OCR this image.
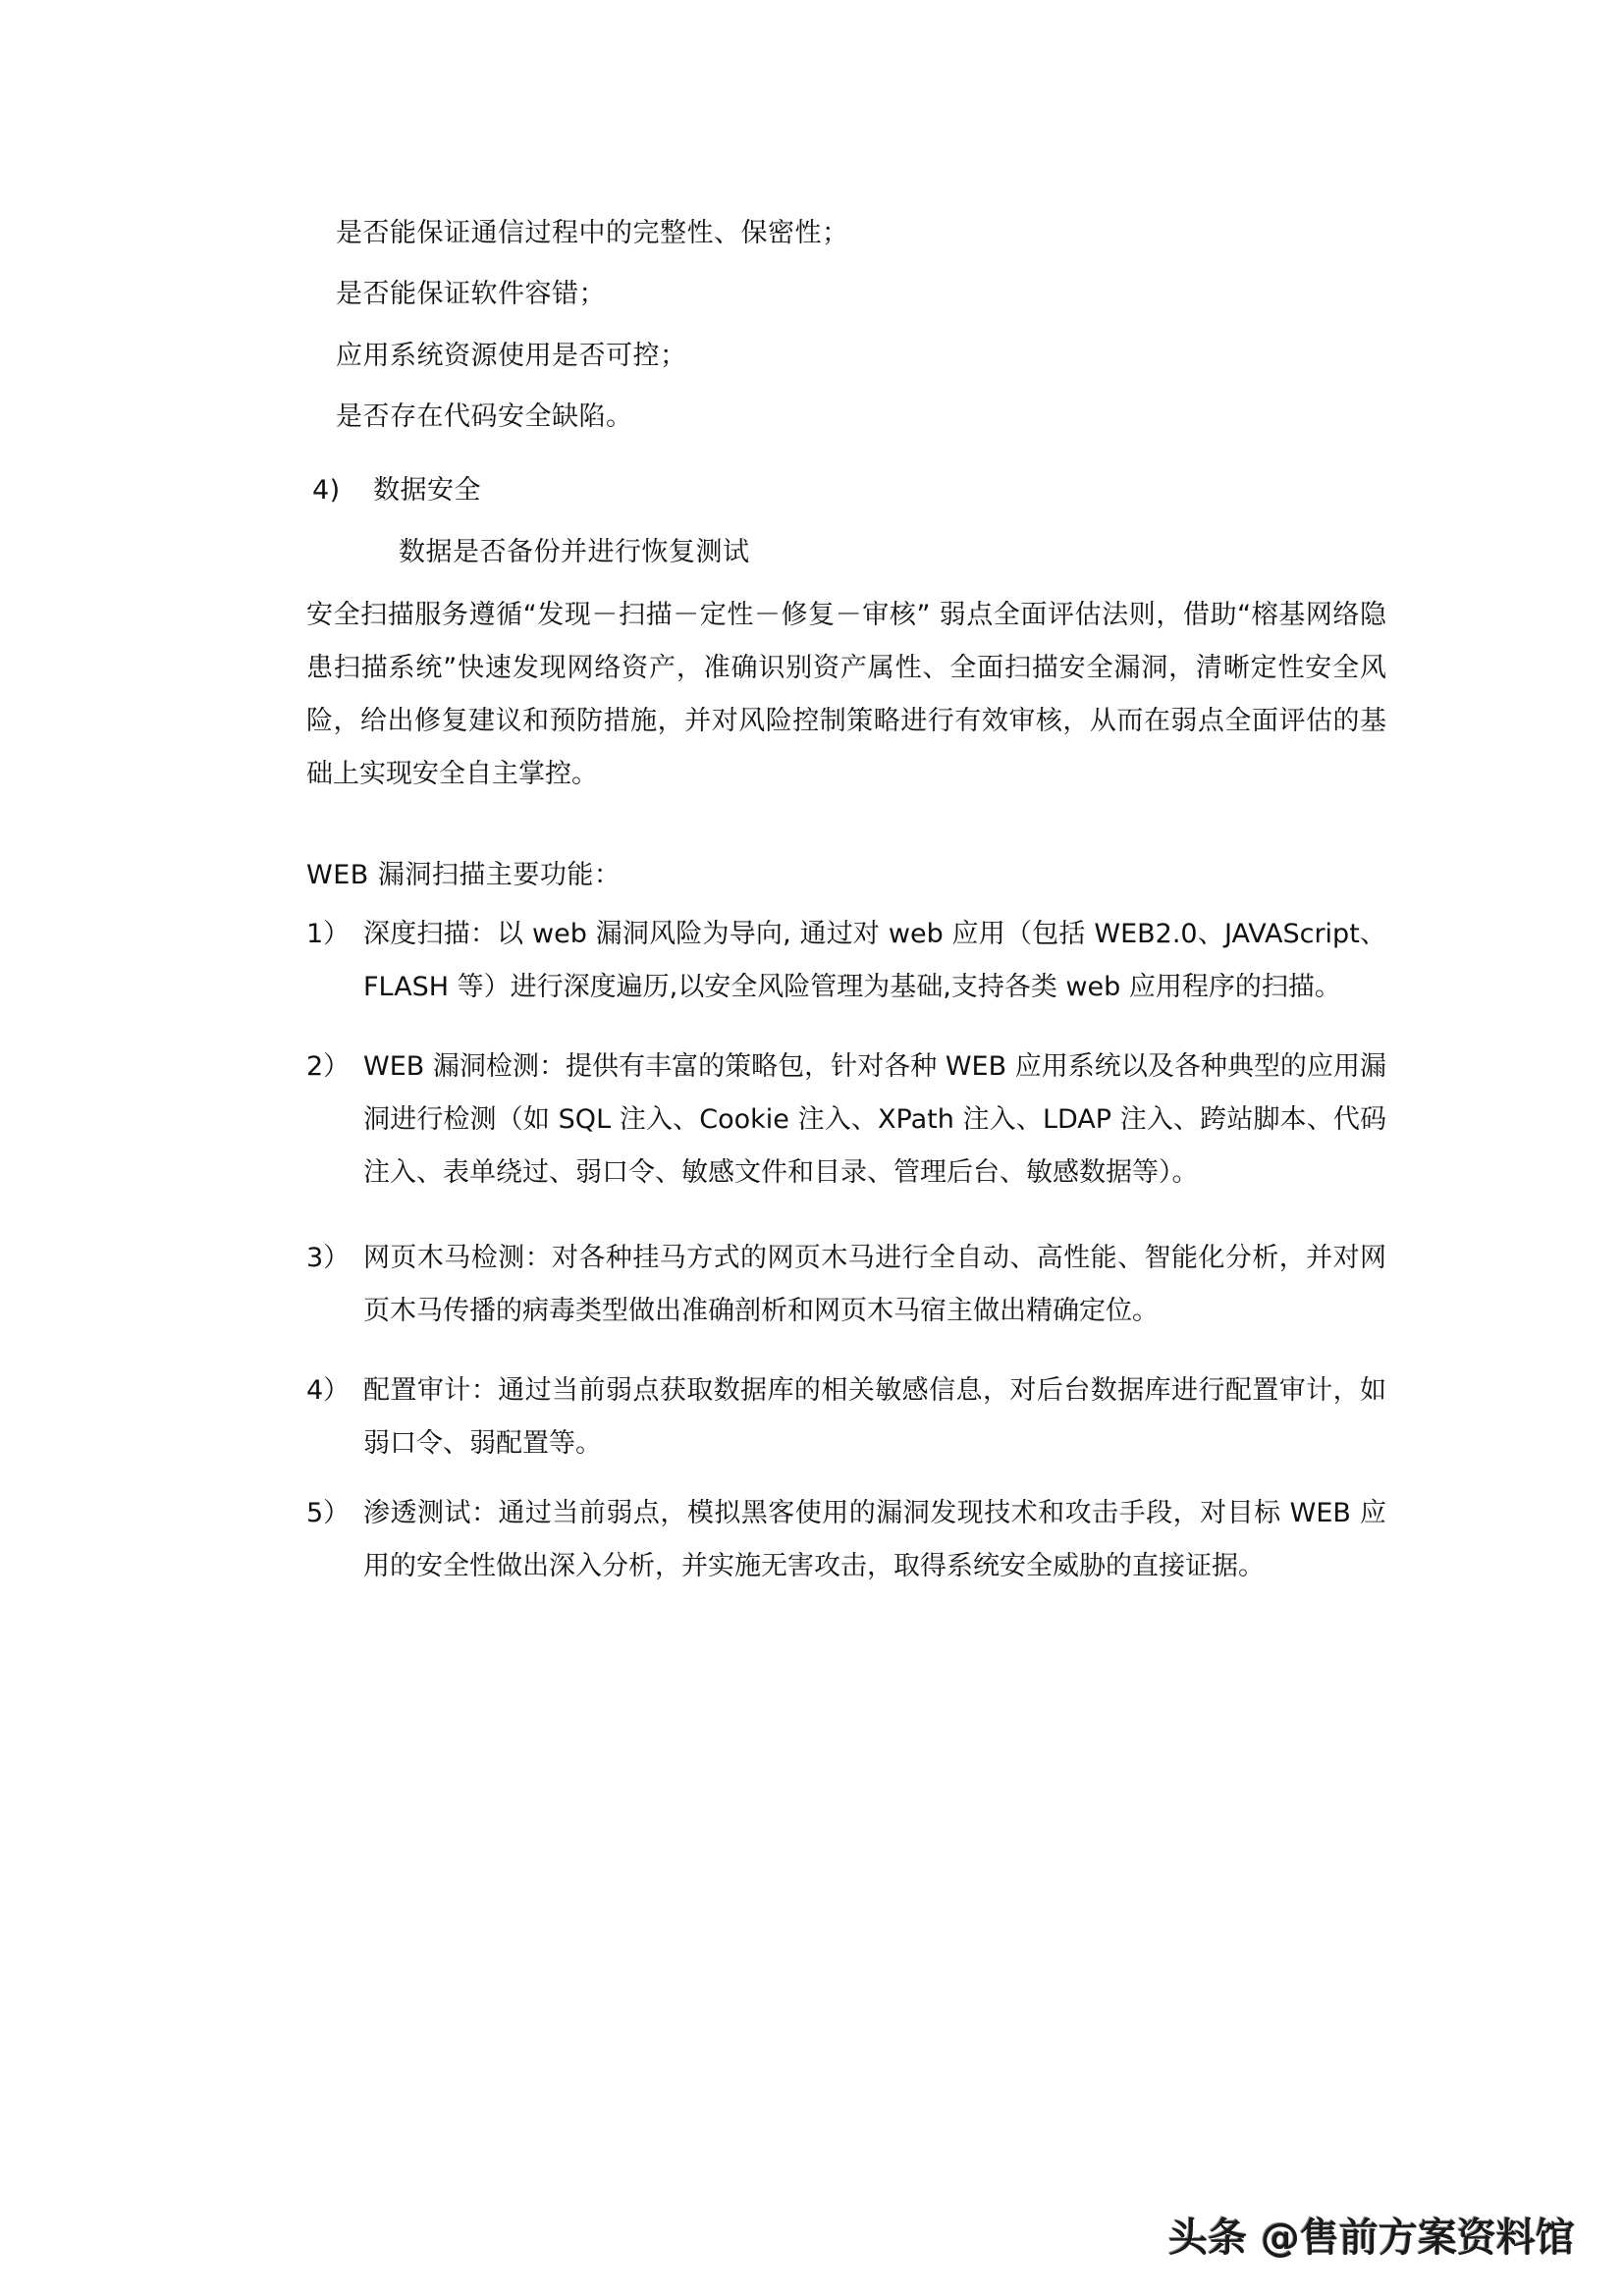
是否能保证通信过程中的完整性、保密性；
是否能保证软件容错；
应用系统资源使用是否可控；
是否存在代码安全缺陷。
4) 数据安全
数据是否备份并进行恢复测试
安全扫描服务遵循“发现－扫描－定性－修复－审核” 弱点全面评估法则，借助“榕基网络隐患扫描系统”快速发现网络资产，准确识别资产属性、全面扫描安全漏洞，清晰定性安全风险，给出修复建议和预防措施，并对风险控制策略进行有效审核，从而在弱点全面评估的基础上实现安全自主掌控。
WEB 漏洞扫描主要功能：
1） 深度扫描：以 web 漏洞风险为导向, 通过对 web 应用（包括 WEB2.0、JAVAScript、FLASH 等）进行深度遍历,以安全风险管理为基础,支持各类 web 应用程序的扫描。
2） WEB 漏洞检测：提供有丰富的策略包，针对各种 WEB 应用系统以及各种典型的应用漏洞进行检测（如 SQL 注入、Cookie 注入、XPath 注入、LDAP 注入、跨站脚本、代码注入、表单绕过、弱口令、敏感文件和目录、管理后台、敏感数据等）。
3） 网页木马检测：对各种挂马方式的网页木马进行全自动、高性能、智能化分析，并对网页木马传播的病毒类型做出准确剖析和网页木马宿主做出精确定位。
4） 配置审计：通过当前弱点获取数据库的相关敏感信息，对后台数据库进行配置审计，如弱口令、弱配置等。
5） 渗透测试：通过当前弱点，模拟黑客使用的漏洞发现技术和攻击手段，对目标 WEB 应用的安全性做出深入分析，并实施无害攻击，取得系统安全威胁的直接证据。
头条 @售前方案资料馆
